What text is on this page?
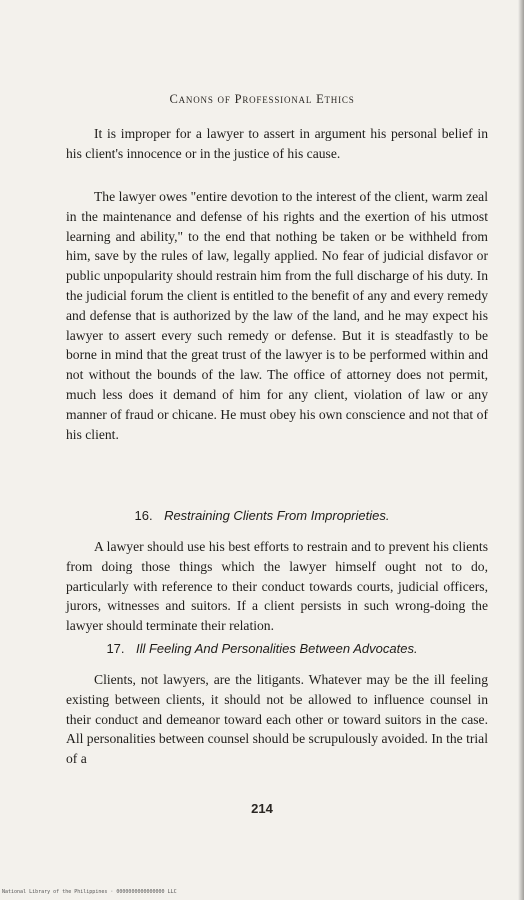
Canons of Professional Ethics

It is improper for a lawyer to assert in argument his personal belief in his client's innocence or in the justice of his cause.

The lawyer owes "entire devotion to the interest of the client, warm zeal in the maintenance and defense of his rights and the exertion of his utmost learning and ability," to the end that nothing be taken or be withheld from him, save by the rules of law, legally applied. No fear of judicial disfavor or public unpopularity should restrain him from the full discharge of his duty. In the judicial forum the client is entitled to the benefit of any and every remedy and defense that is authorized by the law of the land, and he may expect his lawyer to assert every such remedy or defense. But it is steadfastly to be borne in mind that the great trust of the lawyer is to be performed within and not without the bounds of the law. The office of attorney does not permit, much less does it demand of him for any client, violation of law or any manner of fraud or chicane. He must obey his own conscience and not that of his client.

16. Restraining Clients From Improprieties.

A lawyer should use his best efforts to restrain and to prevent his clients from doing those things which the lawyer himself ought not to do, particularly with reference to their conduct towards courts, judicial officers, jurors, witnesses and suitors. If a client persists in such wrong-doing the lawyer should terminate their relation.

17. Ill Feeling And Personalities Between Advocates.

Clients, not lawyers, are the litigants. Whatever may be the ill feeling existing between clients, it should not be allowed to influence counsel in their conduct and demeanor toward each other or toward suitors in the case. All personalities between counsel should be scrupulously avoided. In the trial of a

214
National Library of the Philippines · 0000000000000000 LLC
